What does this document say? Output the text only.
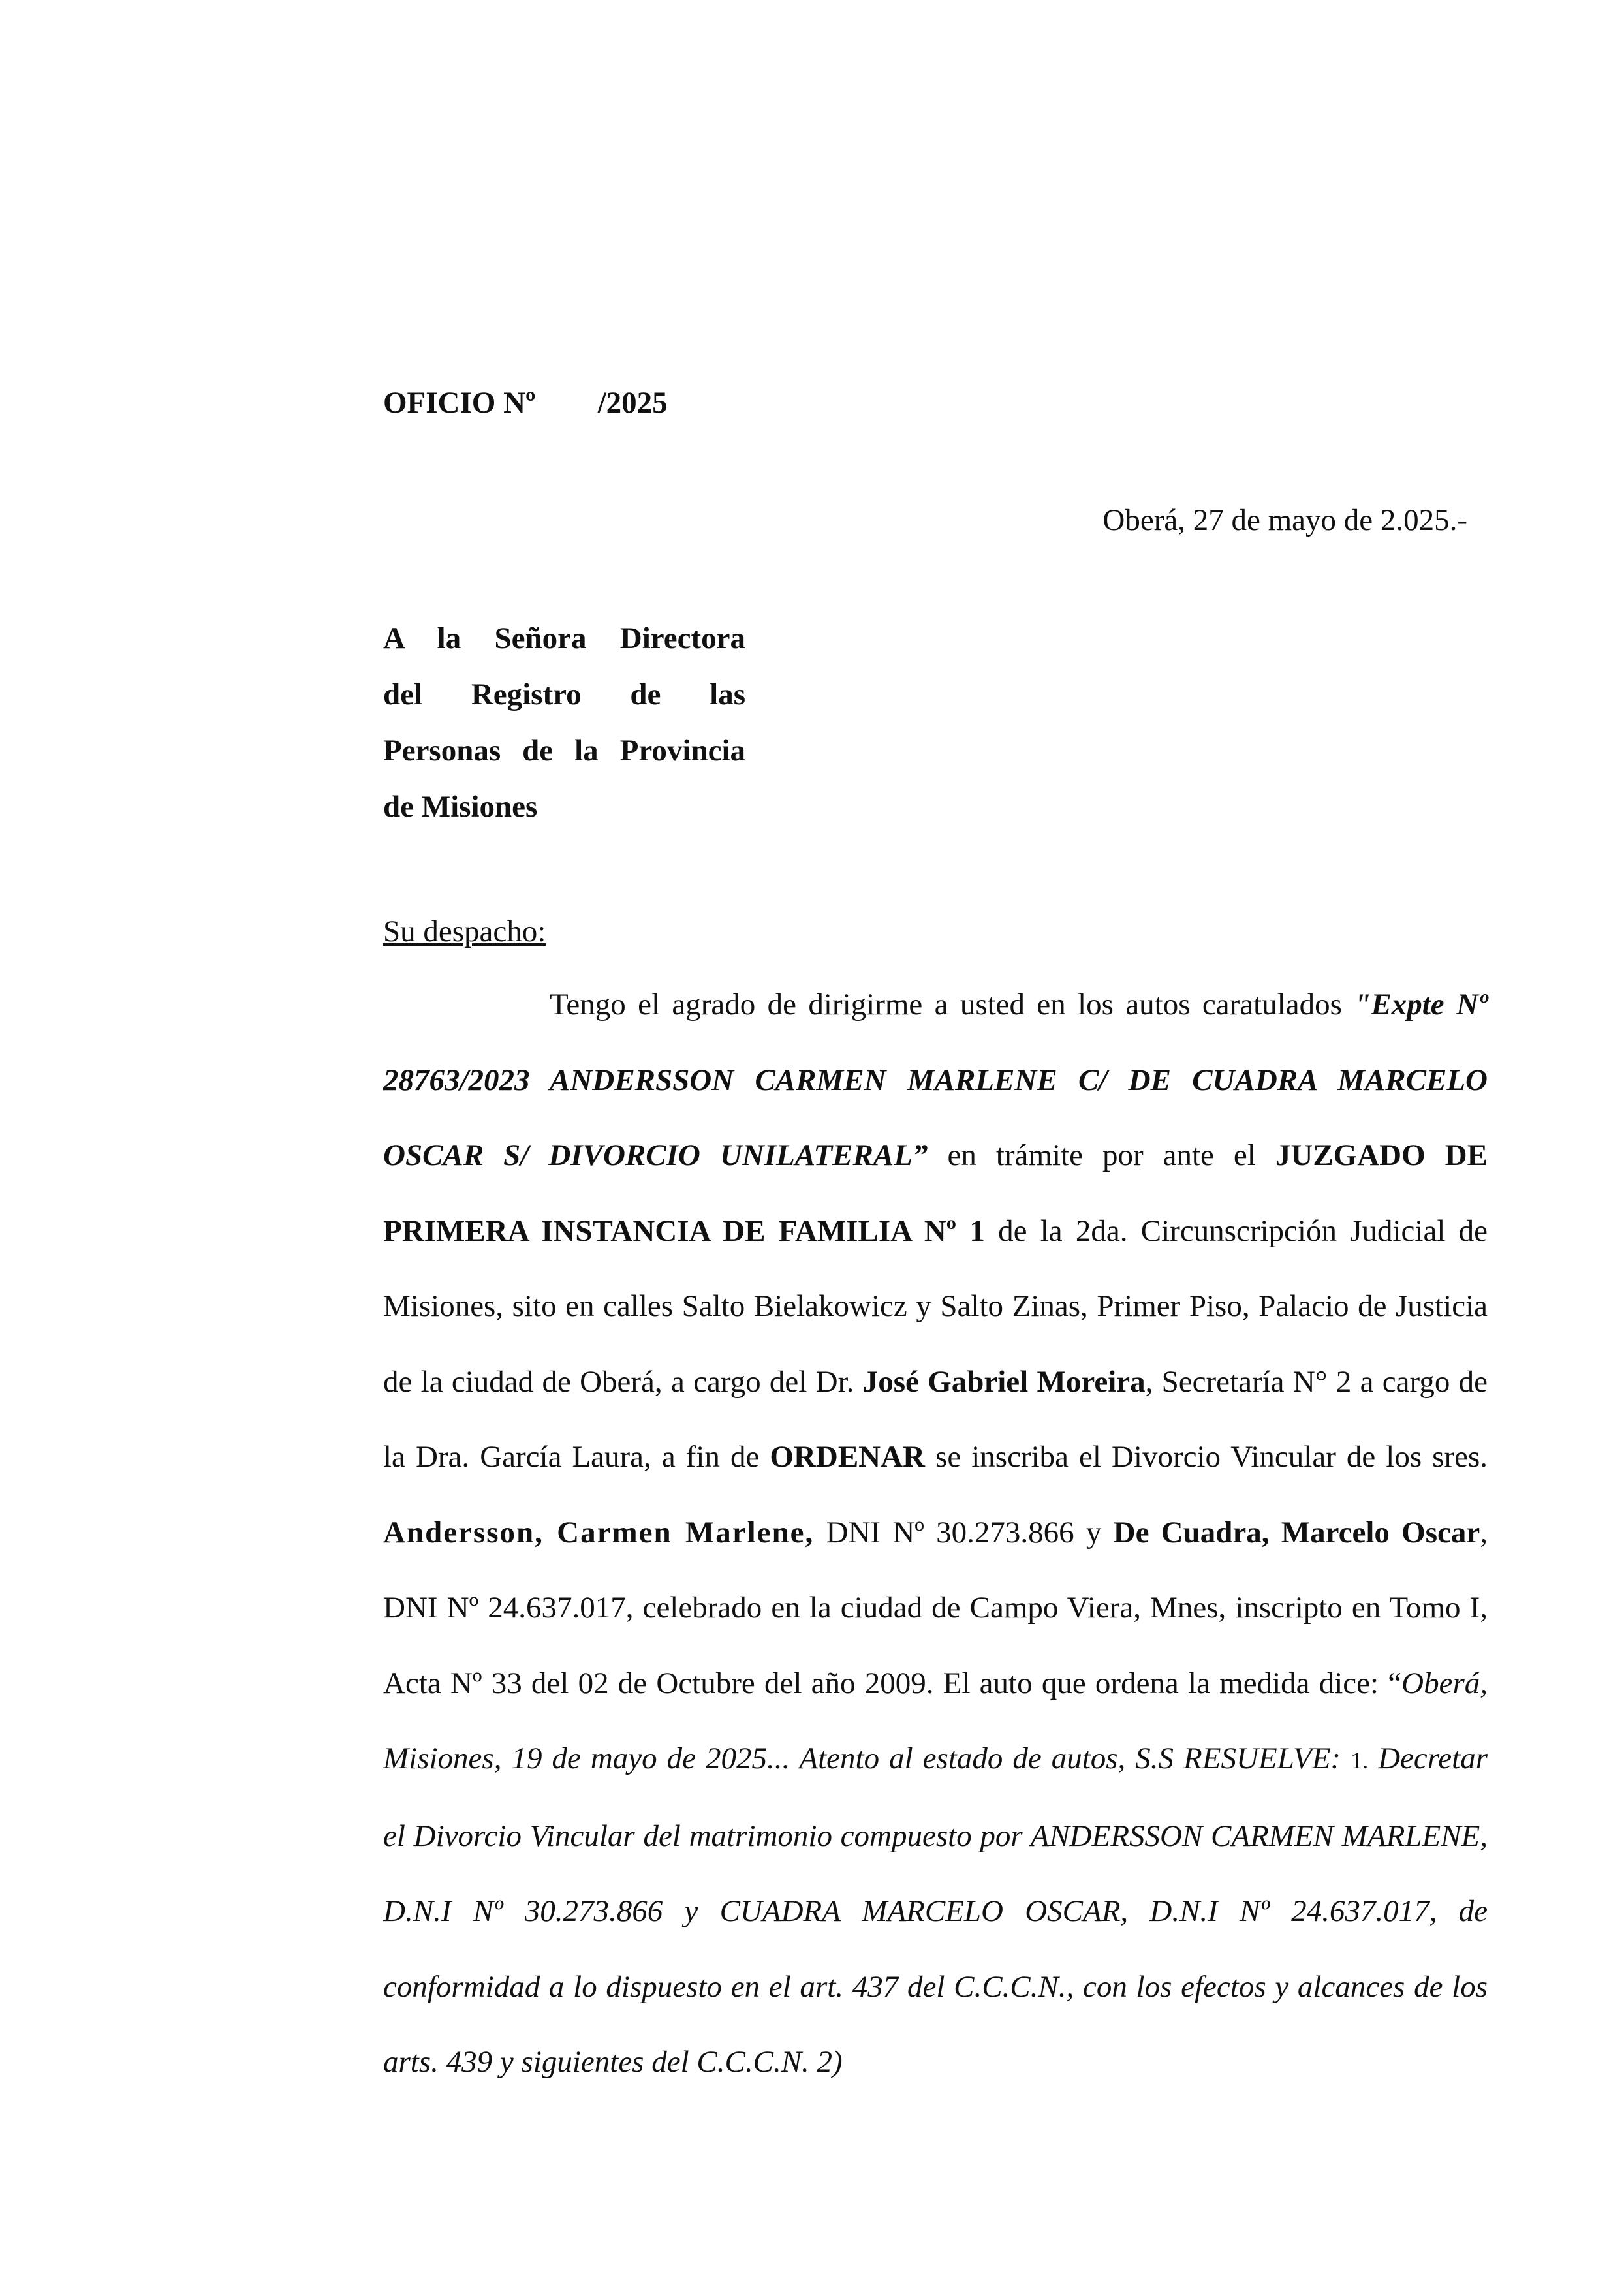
OFICIO Nº /2025
Oberá, 27 de mayo de 2.025.-
A la Señora Directora
del Registro de las
Personas de la Provincia
de Misiones
Su despacho:
Tengo el agrado de dirigirme a usted en los autos caratulados "Expte Nº 28763/2023 ANDERSSON CARMEN MARLENE C/ DE CUADRA MARCELO OSCAR S/ DIVORCIO UNILATERAL” en trámite por ante el JUZGADO DE PRIMERA INSTANCIA DE FAMILIA Nº 1 de la 2da. Circunscripción Judicial de Misiones, sito en calles Salto Bielakowicz y Salto Zinas, Primer Piso, Palacio de Justicia de la ciudad de Oberá, a cargo del Dr. José Gabriel Moreira, Secretaría N° 2 a cargo de la Dra. García Laura, a fin de ORDENAR se inscriba el Divorcio Vincular de los sres. Andersson, Carmen Marlene, DNI Nº 30.273.866 y De Cuadra, Marcelo Oscar, DNI Nº 24.637.017, celebrado en la ciudad de Campo Viera, Mnes, inscripto en Tomo I, Acta Nº 33 del 02 de Octubre del año 2009. El auto que ordena la medida dice: “Oberá, Misiones, 19 de mayo de 2025... Atento al estado de autos, S.S RESUELVE: 1. Decretar el Divorcio Vincular del matrimonio compuesto por ANDERSSON CARMEN MARLENE, D.N.I Nº 30.273.866 y CUADRA MARCELO OSCAR, D.N.I Nº 24.637.017, de conformidad a lo dispuesto en el art. 437 del C.C.C.N., con los efectos y alcances de los arts. 439 y siguientes del C.C.C.N. 2)
